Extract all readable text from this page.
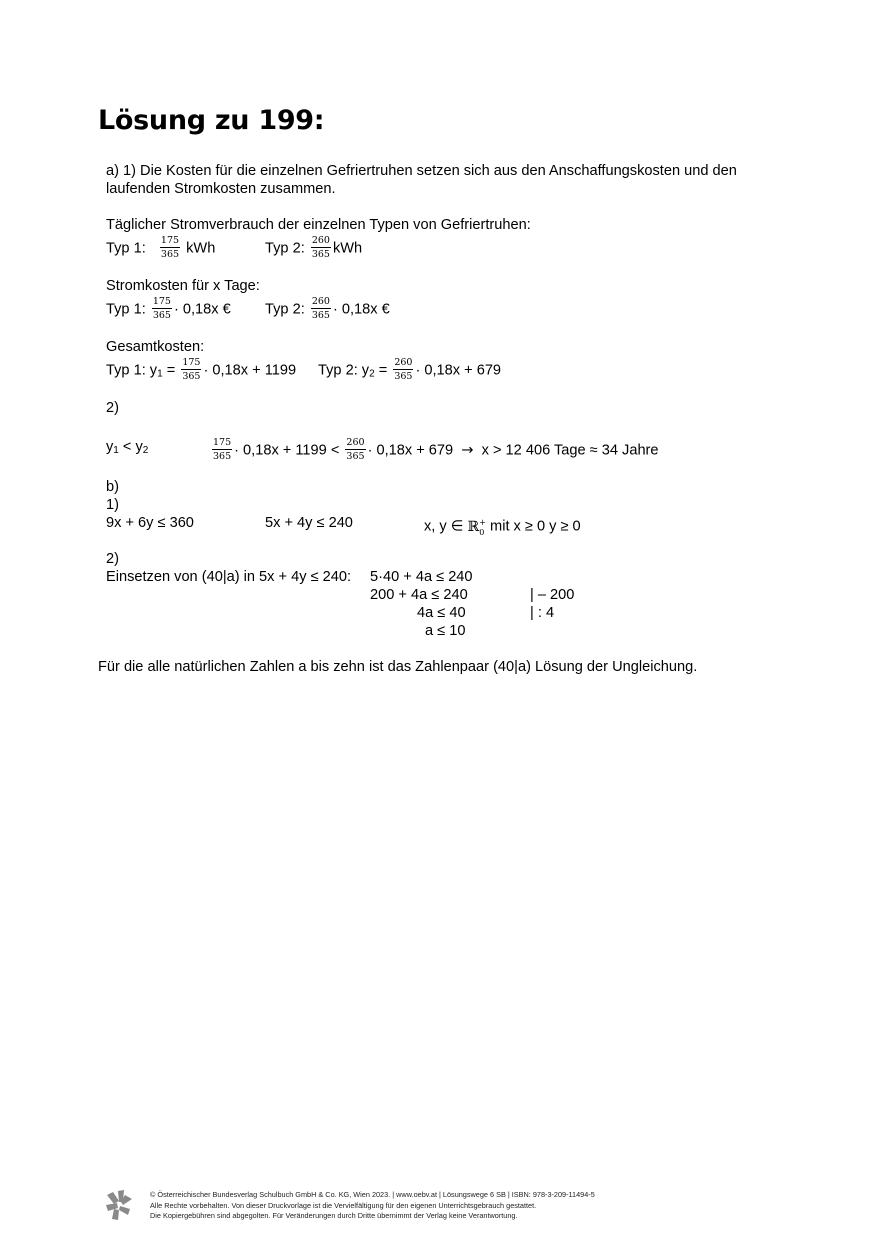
Lösung zu 199:
a) 1) Die Kosten für die einzelnen Gefriertruhen setzen sich aus den Anschaffungskosten und den
laufenden Stromkosten zusammen.
Täglicher Stromverbrauch der einzelnen Typen von Gefriertruhen:
Typ 1: $\frac{175}{365}$ kWh	Typ 2: $\frac{260}{365}$ kWh
Stromkosten für x Tage:
Typ 1: $\frac{175}{365} \cdot 0,18x$ € Typ 2: $\frac{260}{365} \cdot 0,18x$ €
Gesamtkosten:
Typ 1: $y_1 = \frac{175}{365} \cdot 0,18x + 1199$ Typ 2: $y_2 = \frac{260}{365} \cdot 0,18x + 679$
2)
$y_1 < y_2$	$\frac{175}{365} \cdot 0,18x + 1199 < \frac{260}{365} \cdot 0,18x + 679 \to x > 12$ 406 Tage ≈ 34 Jahre
b)
1)
9x + 6y ≤ 360	5x + 4y ≤ 240	x, y ∈ ℝ$_0$+ mit x ≥ 0 y ≥ 0
2)
Einsetzen von (40|a) in 5x + 4y ≤ 240: 5·40 + 4a ≤ 240
200 + 4a ≤ 240	| – 200
4a ≤ 40	| : 4
a ≤ 10
Für die alle natürlichen Zahlen a bis zehn ist das Zahlenpaar (40|a) Lösung der Ungleichung.
© Österreichischer Bundesverlag Schulbuch GmbH & Co. KG, Wien 2023. | www.oebv.at | Lösungswege 6 SB | ISBN: 978-3-209-11494-5
Alle Rechte vorbehalten. Von dieser Druckvorlage ist die Vervielfältigung für den eigenen Unterrichtsgebrauch gestattet.
Die Kopiergebühren sind abgegolten. Für Veränderungen durch Dritte übernimmt der Verlag keine Verantwortung.
